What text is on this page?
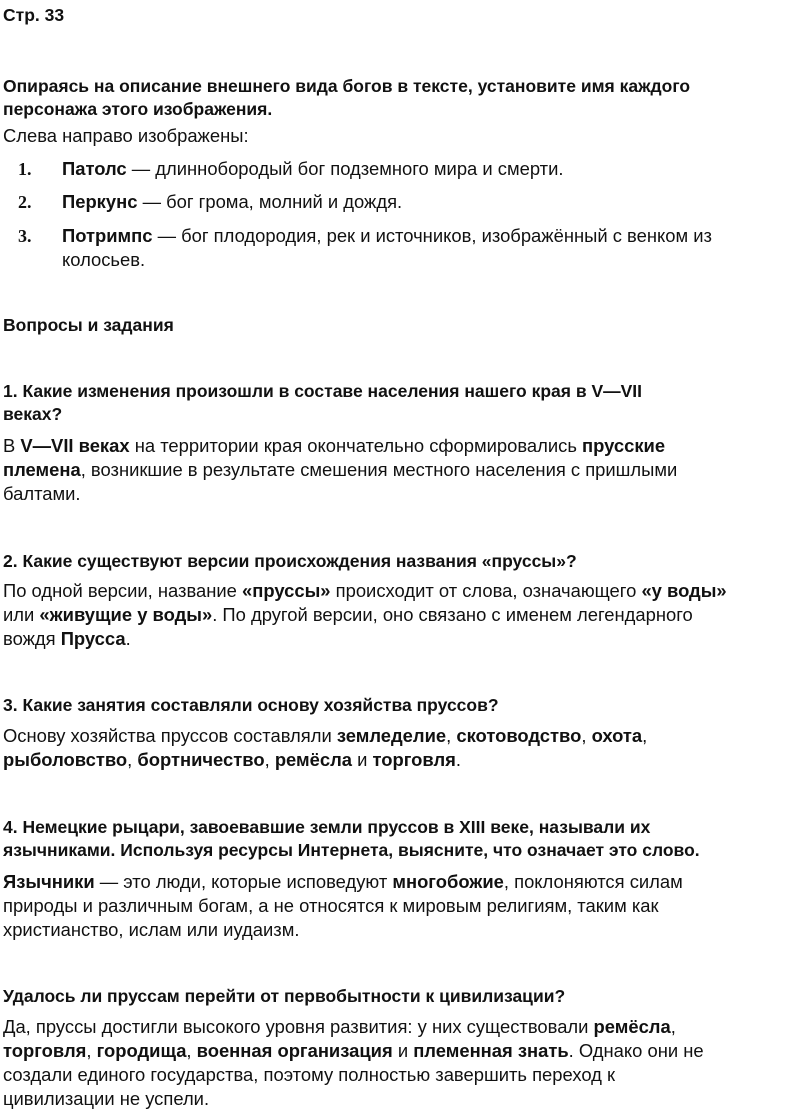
Стр. 33
Опираясь на описание внешнего вида богов в тексте, установите имя каждого
персонажа этого изображения.
Слева направо изображены:
1. Патолс — длиннобородый бог подземного мира и смерти.
2. Перкунс — бог грома, молний и дождя.
3. Потримпс — бог плодородия, рек и источников, изображённый с венком из
колосьев.
Вопросы и задания
1. Какие изменения произошли в составе населения нашего края в V—VII
веках?
В V—VII веках на территории края окончательно сформировались прусские
племена, возникшие в результате смешения местного населения с пришлыми
балтами.
2. Какие существуют версии происхождения названия «пруссы»?
По одной версии, название «пруссы» происходит от слова, означающего «у воды»
или «живущие у воды». По другой версии, оно связано с именем легендарного
вождя Прусса.
3. Какие занятия составляли основу хозяйства пруссов?
Основу хозяйства пруссов составляли земледелие, скотоводство, охота,
рыболовство, бортничество, ремёсла и торговля.
4. Немецкие рыцари, завоевавшие земли пруссов в XIII веке, называли их
язычниками. Используя ресурсы Интернета, выясните, что означает это слово.
Язычники — это люди, которые исповедуют многобожие, поклоняются силам
природы и различным богам, а не относятся к мировым религиям, таким как
христианство, ислам или иудаизм.
Удалось ли пруссам перейти от первобытности к цивилизации?
Да, пруссы достигли высокого уровня развития: у них существовали ремёсла,
торговля, городища, военная организация и племенная знать. Однако они не
создали единого государства, поэтому полностью завершить переход к
цивилизации не успели.
